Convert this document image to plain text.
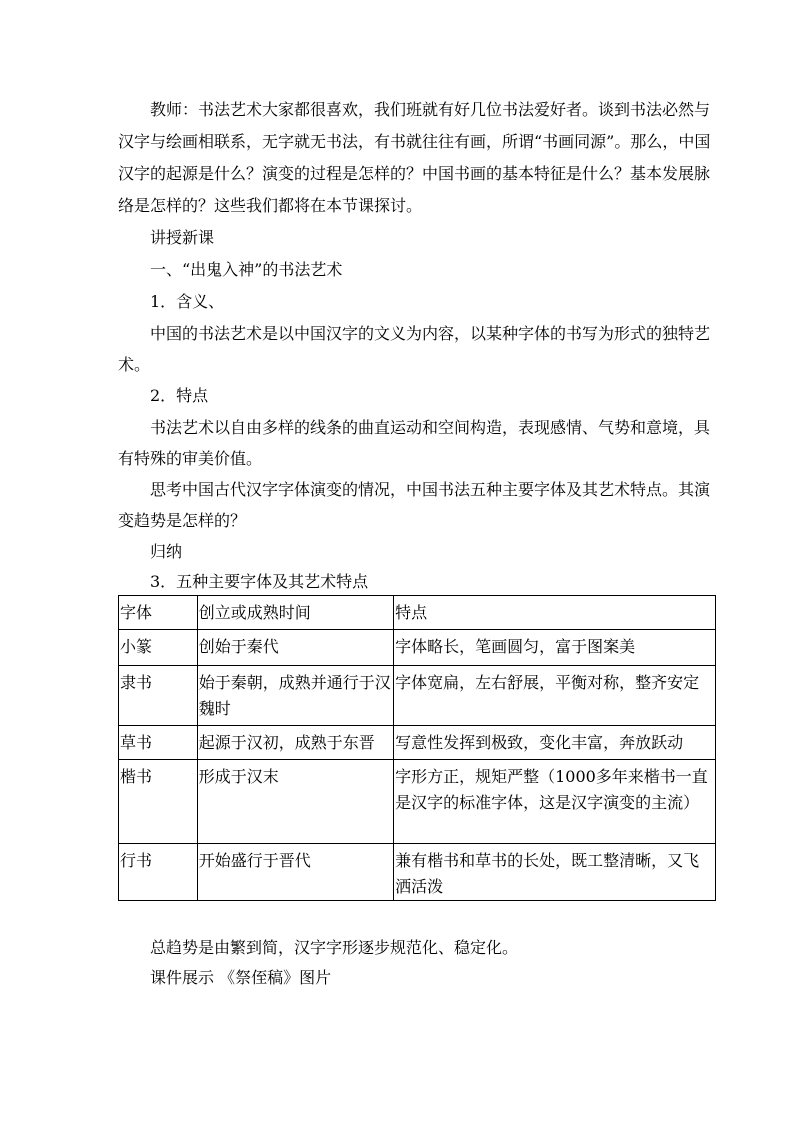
教师：书法艺术大家都很喜欢，我们班就有好几位书法爱好者。谈到书法必然与汉字与绘画相联系，无字就无书法，有书就往往有画，所谓“书画同源”。那么，中国汉字的起源是什么？演变的过程是怎样的？中国书画的基本特征是什么？基本发展脉络是怎样的？这些我们都将在本节课探讨。

讲授新课

一、“出鬼入神”的书法艺术

1．含义、

中国的书法艺术是以中国汉字的文义为内容，以某种字体的书写为形式的独特艺术。

2．特点

书法艺术以自由多样的线条的曲直运动和空间构造，表现感情、气势和意境，具有特殊的审美价值。

思考中国古代汉字字体演变的情况，中国书法五种主要字体及其艺术特点。其演变趋势是怎样的？

归纳

3．五种主要字体及其艺术特点

字体	创立或成熟时间	特点
小篆	创始于秦代	字体略长，笔画圆匀，富于图案美
隶书	始于秦朝，成熟并通行于汉魏时	字体宽扁，左右舒展，平衡对称，整齐安定
草书	起源于汉初，成熟于东晋	写意性发挥到极致，变化丰富，奔放跃动
楷书	形成于汉末	字形方正，规矩严整（1000多年来楷书一直是汉字的标准字体，这是汉字演变的主流）
行书	开始盛行于晋代	兼有楷书和草书的长处，既工整清晰，又飞洒活泼

总趋势是由繁到简，汉字字形逐步规范化、稳定化。

课件展示 《祭侄稿》图片
